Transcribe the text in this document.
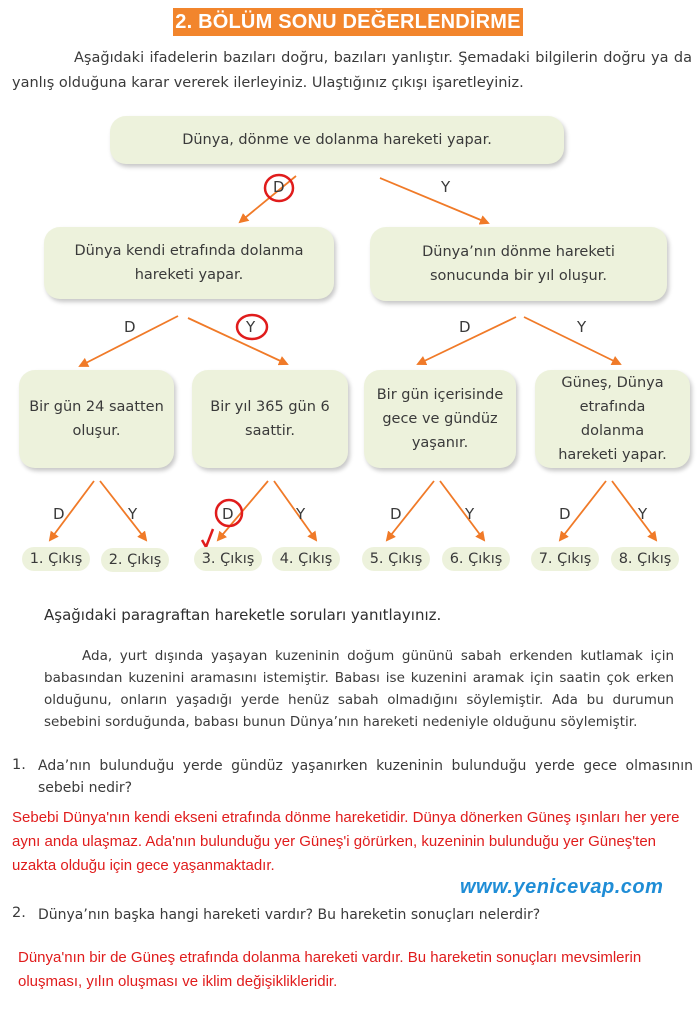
2. BÖLÜM SONU DEĞERLENDİRME
Aşağıdaki ifadelerin bazıları doğru, bazıları yanlıştır. Şemadaki bilgilerin doğru ya da yanlış olduğuna karar vererek ilerleyiniz. Ulaştığınız çıkışı işaretleyiniz.
Dünya, dönme ve dolanma hareketi yapar.
D	Y
Dünya kendi etrafında dolanma hareketi yapar.
Dünya’nın dönme hareketi sonucunda bir yıl oluşur.
D	Y	D	Y
Bir gün 24 saatten oluşur.
Bir yıl 365 gün 6 saattir.
Bir gün içerisinde gece ve gündüz yaşanır.
Güneş, Dünya etrafında dolanma hareketi yapar.
D	Y	D	Y	D	Y	D	Y
1. Çıkış	2. Çıkış	3. Çıkış	4. Çıkış	5. Çıkış	6. Çıkış	7. Çıkış	8. Çıkış
Aşağıdaki paragraftan hareketle soruları yanıtlayınız.
Ada, yurt dışında yaşayan kuzeninin doğum gününü sabah erkenden kutlamak için babasından kuzenini aramasını istemiştir. Babası ise kuzenini aramak için saatin çok erken olduğunu, onların yaşadığı yerde henüz sabah olmadığını söylemiştir. Ada bu durumun sebebini sorduğunda, babası bunun Dünya’nın hareketi nedeniyle olduğunu söylemiştir.
1. Ada’nın bulunduğu yerde gündüz yaşanırken kuzeninin bulunduğu yerde gece olmasının sebebi nedir?
Sebebi Dünya'nın kendi ekseni etrafında dönme hareketidir. Dünya dönerken Güneş ışınları her yere aynı anda ulaşmaz. Ada'nın bulunduğu yer Güneş'i görürken, kuzeninin bulunduğu yer Güneş'ten uzakta olduğu için gece yaşanmaktadır.
www.yenicevap.com
2. Dünya’nın başka hangi hareketi vardır? Bu hareketin sonuçları nelerdir?
Dünya'nın bir de Güneş etrafında dolanma hareketi vardır. Bu hareketin sonuçları mevsimlerin oluşması, yılın oluşması ve iklim değişiklikleridir.
